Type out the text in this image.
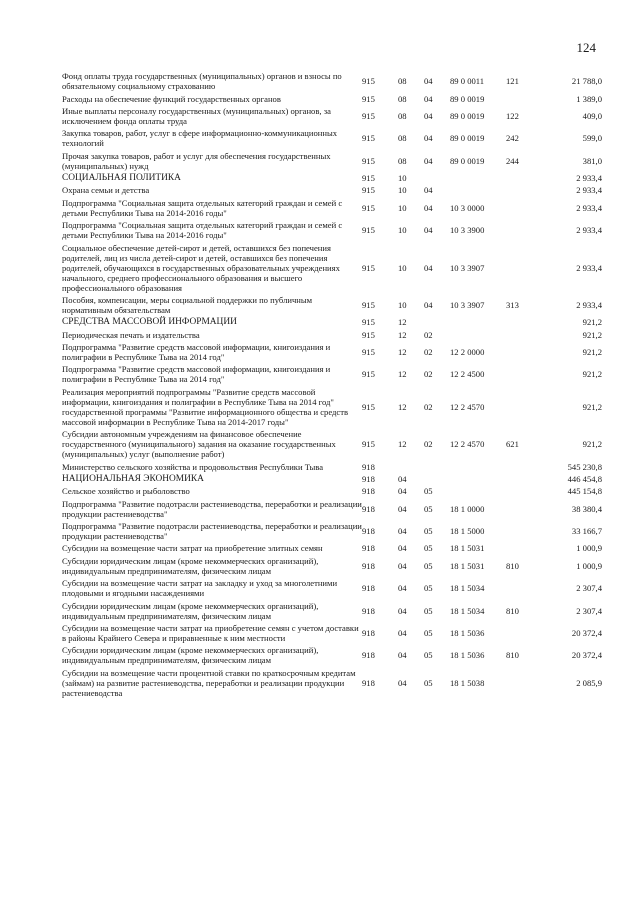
124
Фонд оплаты труда государственных (муниципальных) органов и взносы по обязательному социальному страхованию	915	08	04	89 0 0011	121	21 788,0
Расходы на обеспечение функций государственных органов	915	08	04	89 0 0019		1 389,0
Иные выплаты персоналу государственных (муниципальных) органов, за исключением фонда оплаты труда	915	08	04	89 0 0019	122	409,0
Закупка товаров, работ, услуг в сфере информационно-коммуникационных технологий	915	08	04	89 0 0019	242	599,0
Прочая закупка товаров, работ и услуг для обеспечения государственных (муниципальных) нужд	915	08	04	89 0 0019	244	381,0
СОЦИАЛЬНАЯ ПОЛИТИКА	915	10				2 933,4
Охрана семьи и детства	915	10	04			2 933,4
Подпрограмма "Социальная защита отдельных категорий граждан и семей с детьми Республики Тыва на 2014-2016 годы"	915	10	04	10 3 0000		2 933,4
Подпрограмма "Социальная защита отдельных категорий граждан и семей с детьми Республики Тыва на 2014-2016 годы"	915	10	04	10 3 3900		2 933,4
Социальное обеспечение детей-сирот и детей, оставшихся без попечения родителей, лиц из числа детей-сирот и детей, оставшихся без попечения родителей, обучающихся в государственных образовательных учреждениях начального, среднего профессионального образования и высшего профессионального образования	915	10	04	10 3 3907		2 933,4
Пособия, компенсации, меры социальной поддержки по публичным нормативным обязательствам	915	10	04	10 3 3907	313	2 933,4
СРЕДСТВА МАССОВОЙ ИНФОРМАЦИИ	915	12				921,2
Периодическая печать и издательства	915	12	02			921,2
Подпрограмма "Развитие средств массовой информации, книгоиздания и полиграфии в Республике Тыва на 2014 год"	915	12	02	12 2 0000		921,2
Подпрограмма "Развитие средств массовой информации, книгоиздания и полиграфии в Республике Тыва на 2014 год"	915	12	02	12 2 4500		921,2
Реализация мероприятий подпрограммы "Развитие средств массовой информации, книгоиздания и полиграфии в Республике Тыва на 2014 год" государственной программы "Развитие информационного общества и средств массовой информации в Республике Тыва на 2014-2017 годы"	915	12	02	12 2 4570		921,2
Субсидии автономным учреждениям на финансовое обеспечение государственного (муниципального) задания на оказание государственных (муниципальных) услуг (выполнение работ)	915	12	02	12 2 4570	621	921,2
Министерство сельского хозяйства и продовольствия Республики Тыва	918					545 230,8
НАЦИОНАЛЬНАЯ ЭКОНОМИКА	918	04				446 454,8
Сельское хозяйство и рыболовство	918	04	05			445 154,8
Подпрограмма "Развитие подотрасли растениеводства, переработки и реализации продукции растениеводства"	918	04	05	18 1 0000		38 380,4
Подпрограмма "Развитие подотрасли растениеводства, переработки и реализации продукции растениеводства"	918	04	05	18 1 5000		33 166,7
Субсидии на возмещение части затрат на приобретение элитных семян	918	04	05	18 1 5031		1 000,9
Субсидии юридическим лицам (кроме некоммерческих организаций), индивидуальным предпринимателям, физическим лицам	918	04	05	18 1 5031	810	1 000,9
Субсидии на возмещение части затрат на закладку и уход за многолетними плодовыми и ягодными насаждениями	918	04	05	18 1 5034		2 307,4
Субсидии юридическим лицам (кроме некоммерческих организаций), индивидуальным предпринимателям, физическим лицам	918	04	05	18 1 5034	810	2 307,4
Субсидии на возмещение части затрат на приобретение семян с учетом доставки в районы Крайнего Севера и приравненные к ним местности	918	04	05	18 1 5036		20 372,4
Субсидии юридическим лицам (кроме некоммерческих организаций), индивидуальным предпринимателям, физическим лицам	918	04	05	18 1 5036	810	20 372,4
Субсидии на возмещение части процентной ставки по краткосрочным кредитам (займам) на развитие растениеводства, переработки и реализации продукции растениеводства	918	04	05	18 1 5038		2 085,9
